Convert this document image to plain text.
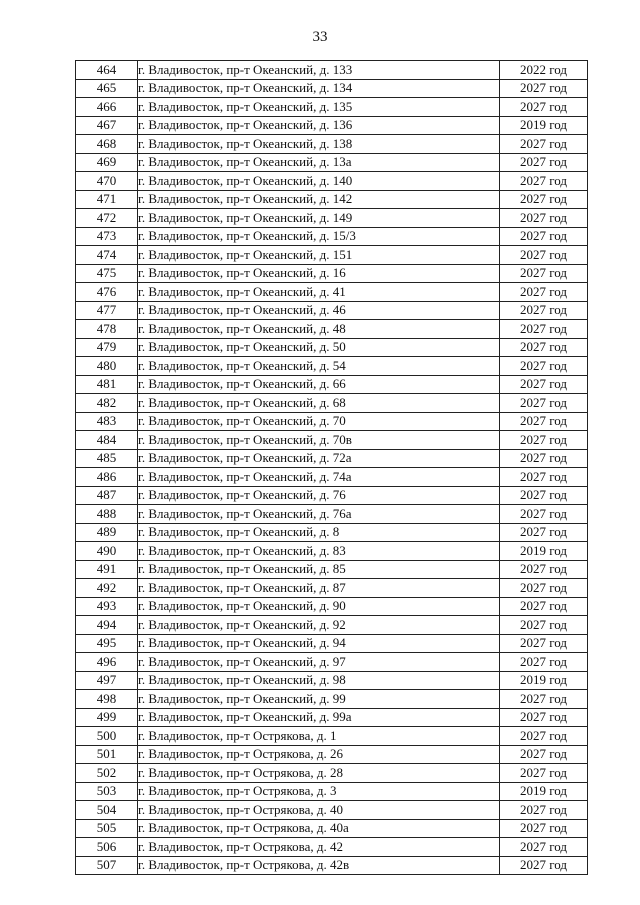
33
464	г. Владивосток, пр-т Океанский, д. 133	2022 год
465	г. Владивосток, пр-т Океанский, д. 134	2027 год
466	г. Владивосток, пр-т Океанский, д. 135	2027 год
467	г. Владивосток, пр-т Океанский, д. 136	2019 год
468	г. Владивосток, пр-т Океанский, д. 138	2027 год
469	г. Владивосток, пр-т Океанский, д. 13а	2027 год
470	г. Владивосток, пр-т Океанский, д. 140	2027 год
471	г. Владивосток, пр-т Океанский, д. 142	2027 год
472	г. Владивосток, пр-т Океанский, д. 149	2027 год
473	г. Владивосток, пр-т Океанский, д. 15/3	2027 год
474	г. Владивосток, пр-т Океанский, д. 151	2027 год
475	г. Владивосток, пр-т Океанский, д. 16	2027 год
476	г. Владивосток, пр-т Океанский, д. 41	2027 год
477	г. Владивосток, пр-т Океанский, д. 46	2027 год
478	г. Владивосток, пр-т Океанский, д. 48	2027 год
479	г. Владивосток, пр-т Океанский, д. 50	2027 год
480	г. Владивосток, пр-т Океанский, д. 54	2027 год
481	г. Владивосток, пр-т Океанский, д. 66	2027 год
482	г. Владивосток, пр-т Океанский, д. 68	2027 год
483	г. Владивосток, пр-т Океанский, д. 70	2027 год
484	г. Владивосток, пр-т Океанский, д. 70в	2027 год
485	г. Владивосток, пр-т Океанский, д. 72а	2027 год
486	г. Владивосток, пр-т Океанский, д. 74а	2027 год
487	г. Владивосток, пр-т Океанский, д. 76	2027 год
488	г. Владивосток, пр-т Океанский, д. 76а	2027 год
489	г. Владивосток, пр-т Океанский, д. 8	2027 год
490	г. Владивосток, пр-т Океанский, д. 83	2019 год
491	г. Владивосток, пр-т Океанский, д. 85	2027 год
492	г. Владивосток, пр-т Океанский, д. 87	2027 год
493	г. Владивосток, пр-т Океанский, д. 90	2027 год
494	г. Владивосток, пр-т Океанский, д. 92	2027 год
495	г. Владивосток, пр-т Океанский, д. 94	2027 год
496	г. Владивосток, пр-т Океанский, д. 97	2027 год
497	г. Владивосток, пр-т Океанский, д. 98	2019 год
498	г. Владивосток, пр-т Океанский, д. 99	2027 год
499	г. Владивосток, пр-т Океанский, д. 99а	2027 год
500	г. Владивосток, пр-т Острякова, д. 1	2027 год
501	г. Владивосток, пр-т Острякова, д. 26	2027 год
502	г. Владивосток, пр-т Острякова, д. 28	2027 год
503	г. Владивосток, пр-т Острякова, д. 3	2019 год
504	г. Владивосток, пр-т Острякова, д. 40	2027 год
505	г. Владивосток, пр-т Острякова, д. 40а	2027 год
506	г. Владивосток, пр-т Острякова, д. 42	2027 год
507	г. Владивосток, пр-т Острякова, д. 42в	2027 год
